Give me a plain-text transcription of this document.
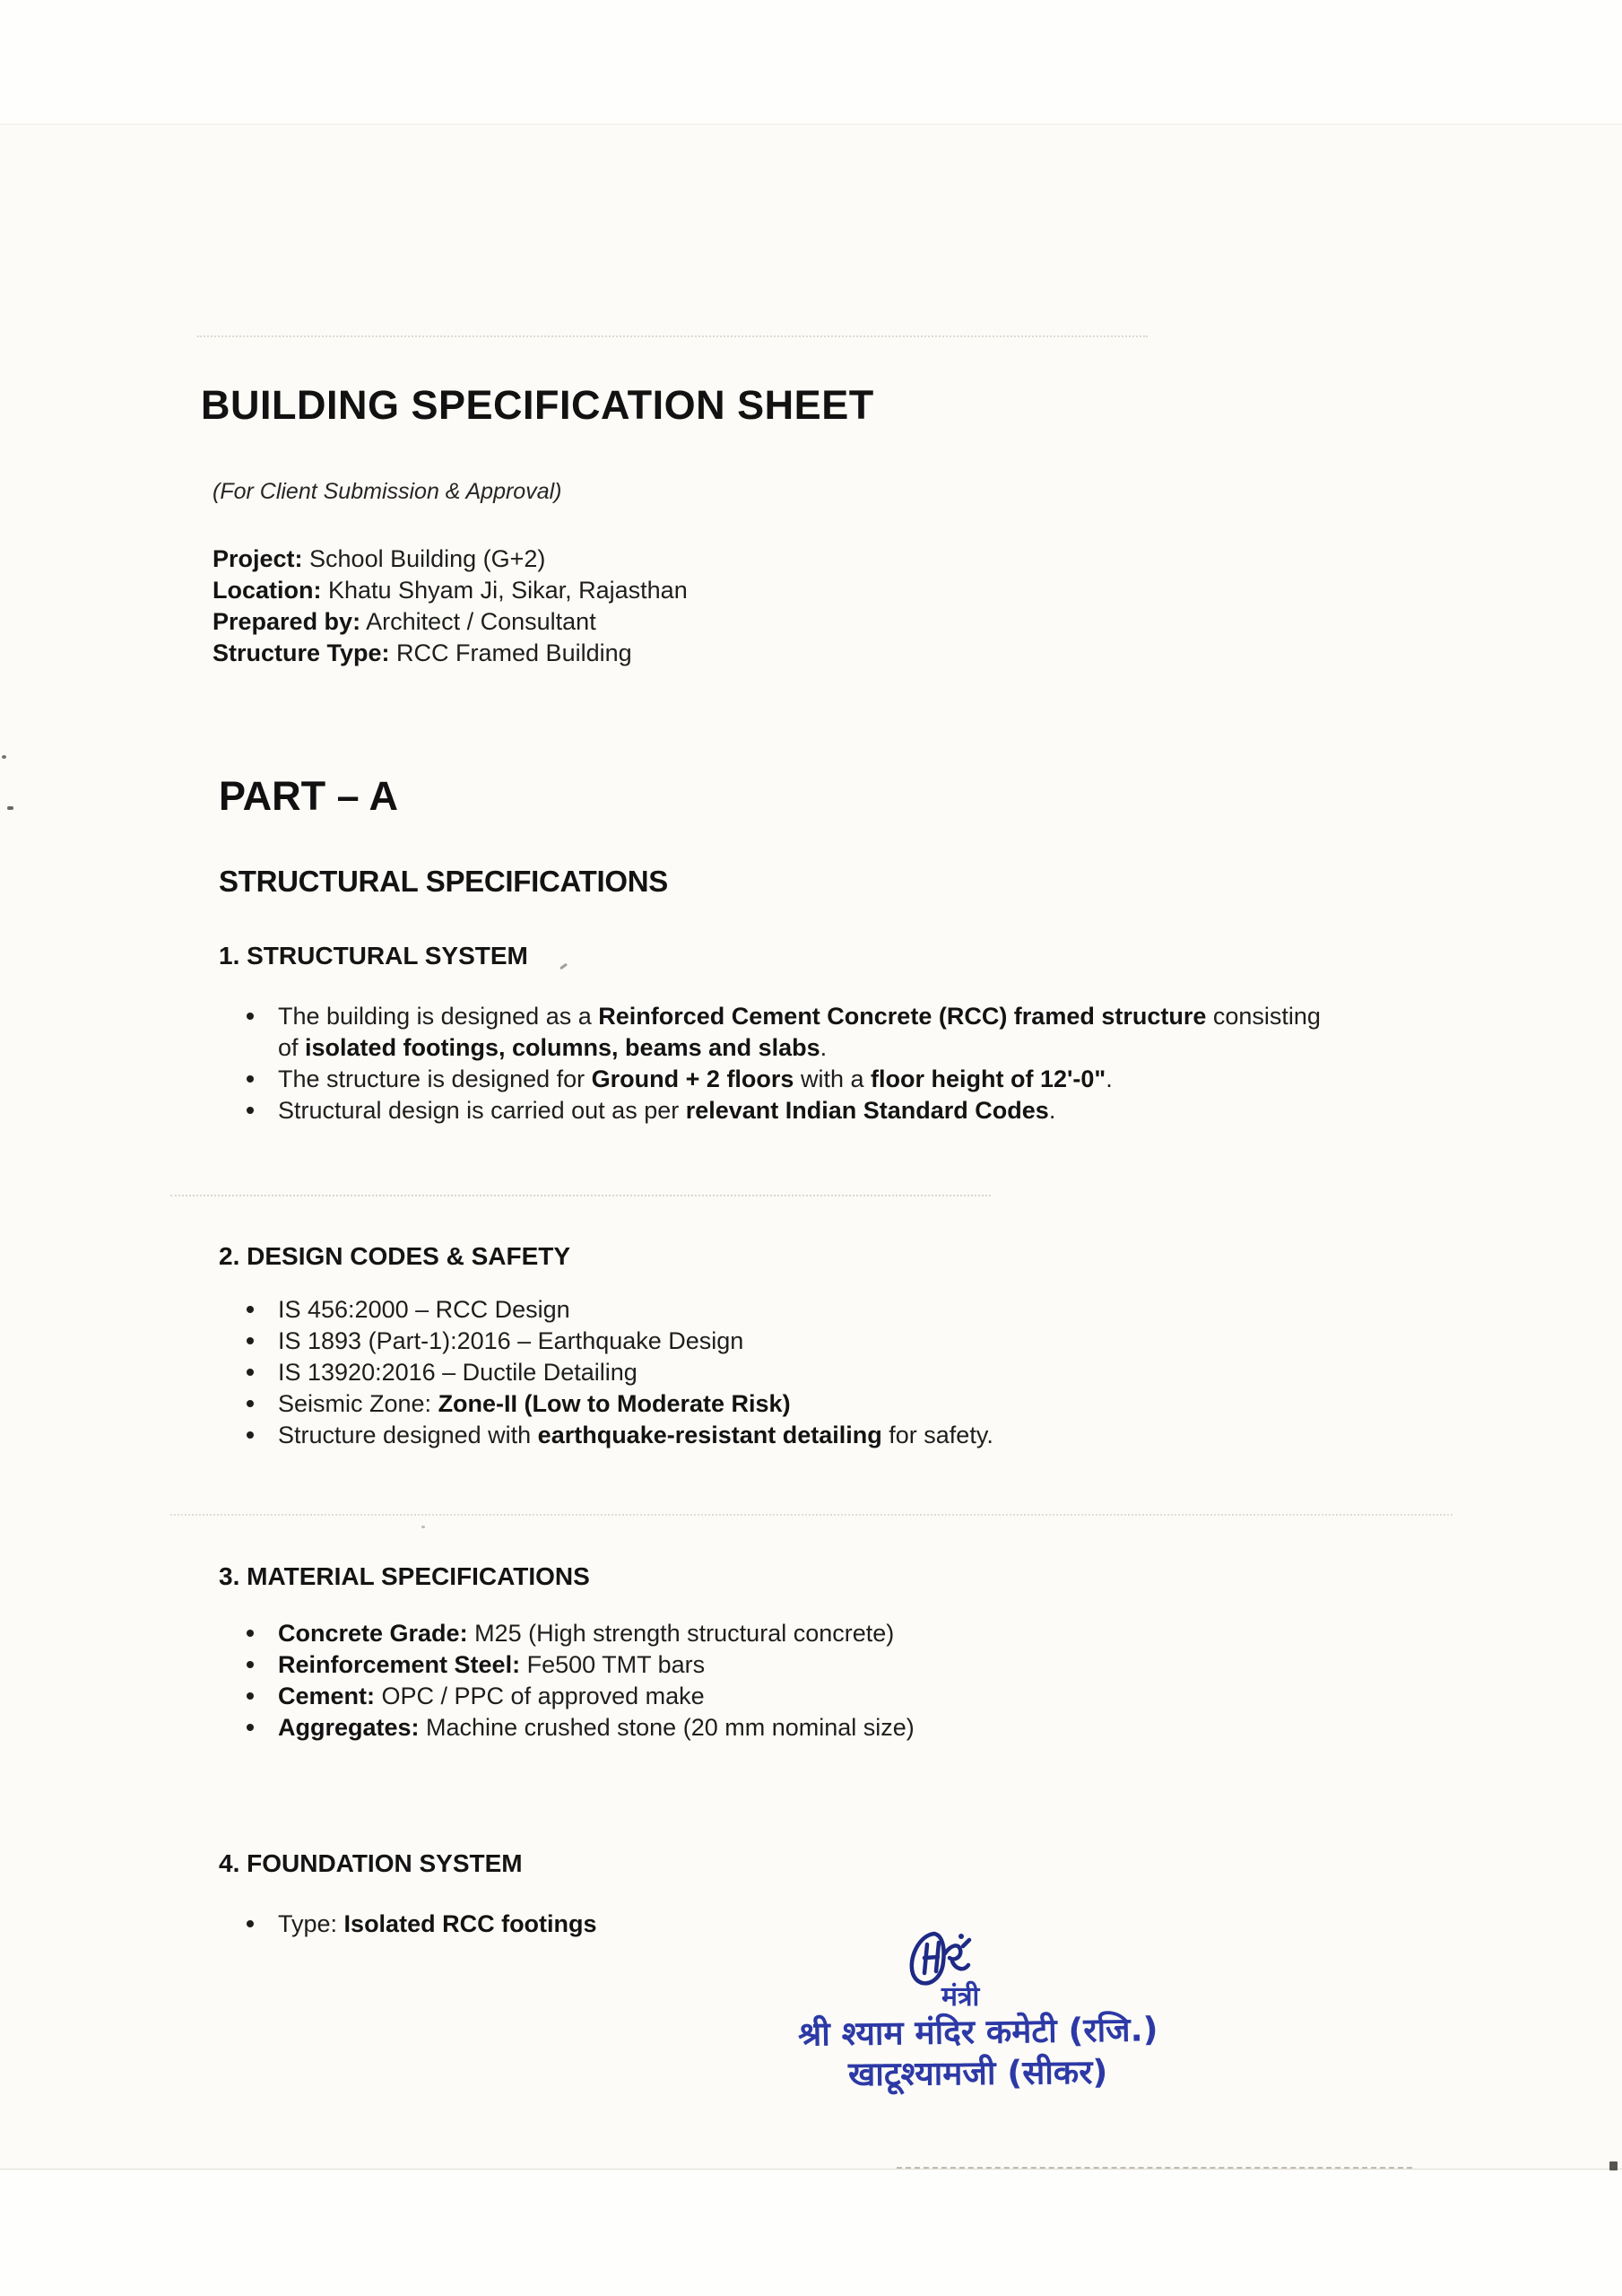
BUILDING SPECIFICATION SHEET
(For Client Submission & Approval)
Project: School Building (G+2)
Location: Khatu Shyam Ji, Sikar, Rajasthan
Prepared by: Architect / Consultant
Structure Type: RCC Framed Building
PART – A
STRUCTURAL SPECIFICATIONS
1. STRUCTURAL SYSTEM
The building is designed as a Reinforced Cement Concrete (RCC) framed structure consisting of isolated footings, columns, beams and slabs.
The structure is designed for Ground + 2 floors with a floor height of 12'-0".
Structural design is carried out as per relevant Indian Standard Codes.
2. DESIGN CODES & SAFETY
IS 456:2000 – RCC Design
IS 1893 (Part-1):2016 – Earthquake Design
IS 13920:2016 – Ductile Detailing
Seismic Zone: Zone-II (Low to Moderate Risk)
Structure designed with earthquake-resistant detailing for safety.
3. MATERIAL SPECIFICATIONS
Concrete Grade: M25 (High strength structural concrete)
Reinforcement Steel: Fe500 TMT bars
Cement: OPC / PPC of approved make
Aggregates: Machine crushed stone (20 mm nominal size)
4. FOUNDATION SYSTEM
Type: Isolated RCC footings
मंत्री
श्री श्याम मंदिर कमेटी (रजि.)
खाटूश्यामजी (सीकर)
